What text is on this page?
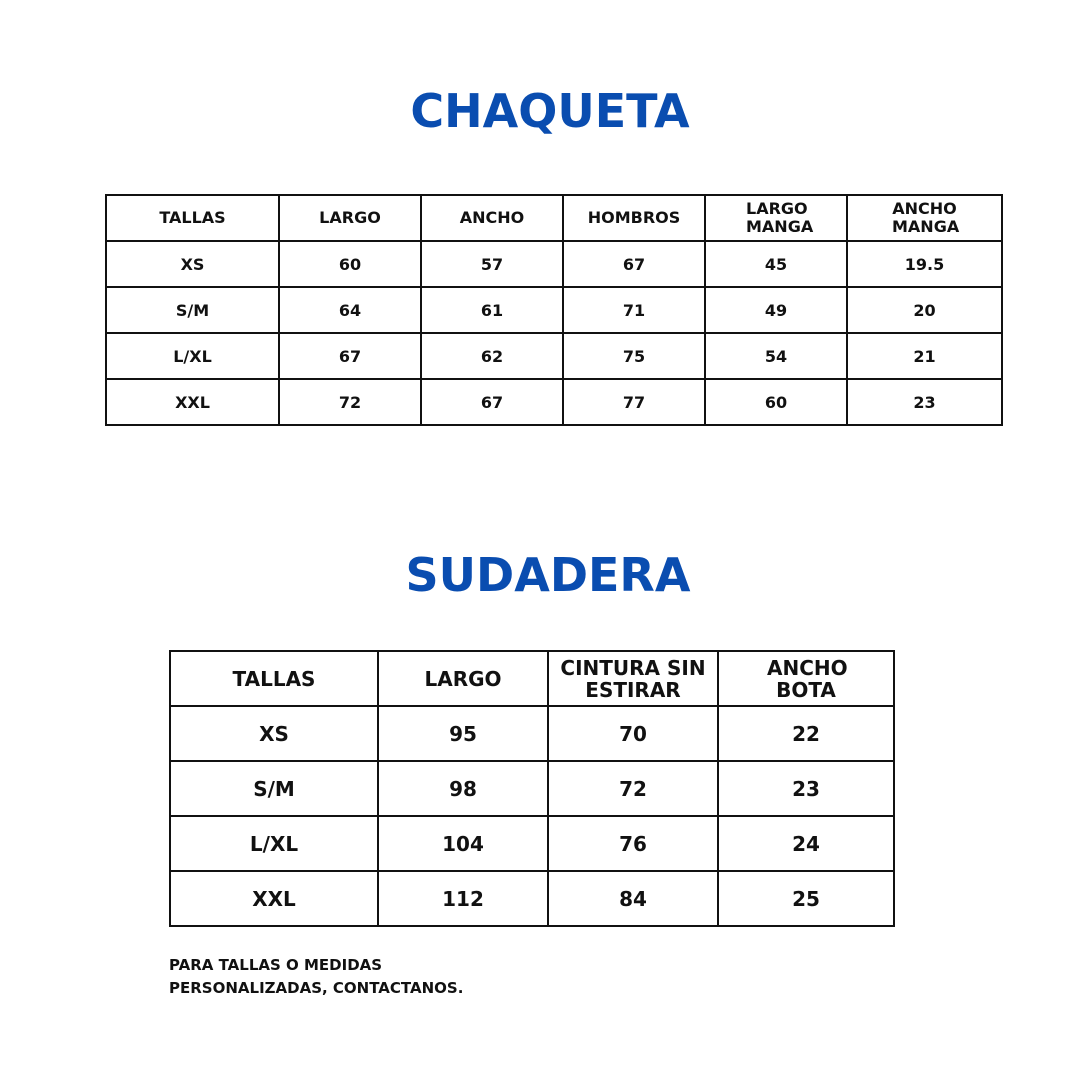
CHAQUETA
TALLAS	LARGO	ANCHO	HOMBROS	LARGO MANGA	ANCHO MANGA
XS	60	57	67	45	19.5
S/M	64	61	71	49	20
L/XL	67	62	75	54	21
XXL	72	67	77	60	23
SUDADERA
TALLAS	LARGO	CINTURA SIN ESTIRAR	ANCHO BOTA
XS	95	70	22
S/M	98	72	23
L/XL	104	76	24
XXL	112	84	25

PARA TALLAS O MEDIDAS
PERSONALIZADAS, CONTACTANOS.
